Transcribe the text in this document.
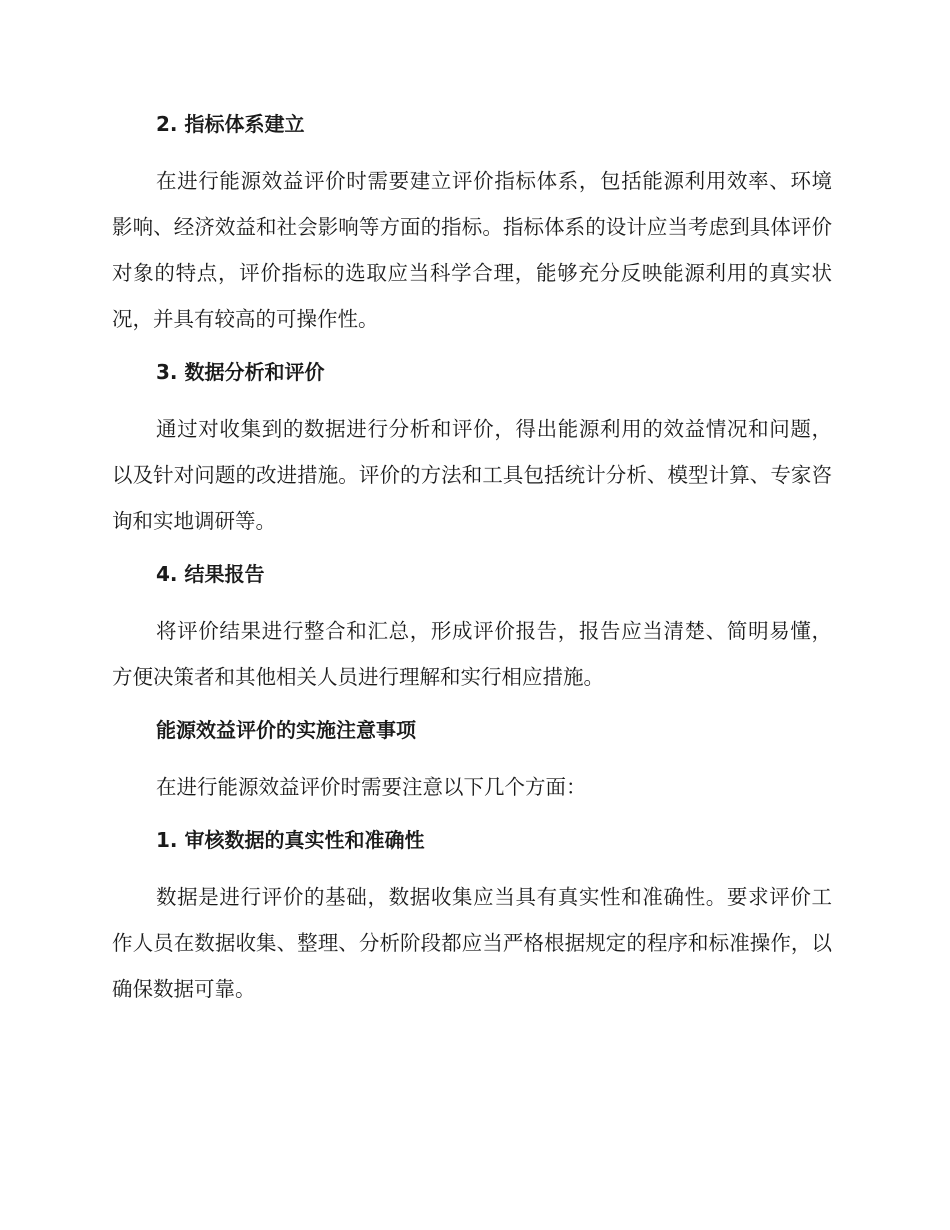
2. 指标体系建立

在进行能源效益评价时需要建立评价指标体系，包括能源利用效率、环境影响、经济效益和社会影响等方面的指标。指标体系的设计应当考虑到具体评价对象的特点，评价指标的选取应当科学合理，能够充分反映能源利用的真实状况，并具有较高的可操作性。

3. 数据分析和评价

通过对收集到的数据进行分析和评价，得出能源利用的效益情况和问题，以及针对问题的改进措施。评价的方法和工具包括统计分析、模型计算、专家咨询和实地调研等。

4. 结果报告

将评价结果进行整合和汇总，形成评价报告，报告应当清楚、简明易懂，方便决策者和其他相关人员进行理解和实行相应措施。

能源效益评价的实施注意事项

在进行能源效益评价时需要注意以下几个方面：

1. 审核数据的真实性和准确性

数据是进行评价的基础，数据收集应当具有真实性和准确性。要求评价工作人员在数据收集、整理、分析阶段都应当严格根据规定的程序和标准操作，以确保数据可靠。
